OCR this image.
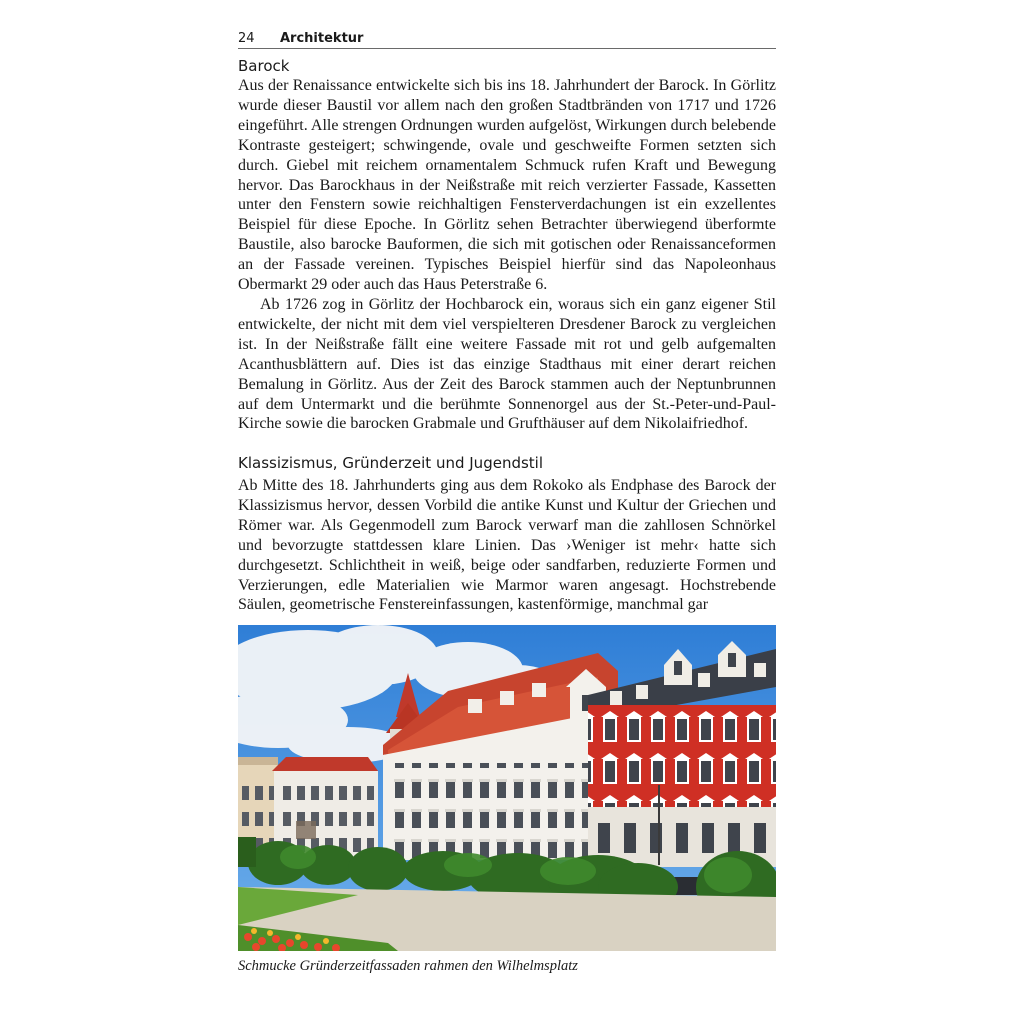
24 Architektur
Barock

Aus der Renaissance entwickelte sich bis ins 18. Jahrhundert der Barock. In Görlitz wurde dieser Baustil vor allem nach den großen Stadtbränden von 1717 und 1726 eingeführt. Alle strengen Ordnungen wurden aufgelöst, Wirkungen durch belebende Kontraste gesteigert; schwingende, ovale und geschweifte Formen setzten sich durch. Giebel mit reichem ornamentalem Schmuck rufen Kraft und Bewegung hervor. Das Barockhaus in der Neißstraße mit reich verzierter Fassade, Kassetten unter den Fenstern sowie reichhaltigen Fensterverdachungen ist ein exzellentes Beispiel für diese Epoche. In Görlitz sehen Betrachter überwiegend überformte Baustile, also barocke Bauformen, die sich mit gotischen oder Renaissanceformen an der Fassade vereinen. Typisches Beispiel hierfür sind das Napoleonhaus Obermarkt 29 oder auch das Haus Peterstraße 6.

Ab 1726 zog in Görlitz der Hochbarock ein, woraus sich ein ganz eigener Stil entwickelte, der nicht mit dem viel verspielteren Dresdener Barock zu vergleichen ist. In der Neißstraße fällt eine weitere Fassade mit rot und gelb aufgemalten Acanthusblättern auf. Dies ist das einzige Stadthaus mit einer derart reichen Bemalung in Görlitz. Aus der Zeit des Barock stammen auch der Neptunbrunnen auf dem Untermarkt und die berühmte Sonnenorgel aus der St.-Peter-und-Paul-Kirche sowie die barocken Grabmale und Grufthäuser auf dem Nikolaifriedhof.

Klassizismus, Gründerzeit und Jugendstil

Ab Mitte des 18. Jahrhunderts ging aus dem Rokoko als Endphase des Barock der Klassizismus hervor, dessen Vorbild die antike Kunst und Kultur der Griechen und Römer war. Als Gegenmodell zum Barock verwarf man die zahllosen Schnörkel und bevorzugte stattdessen klare Linien. Das ›Weniger ist mehr‹ hatte sich durchgesetzt. Schlichtheit in weiß, beige oder sandfarben, reduzierte Formen und Verzierungen, edle Materialien wie Marmor waren angesagt. Hochstrebende Säulen, geometrische Fenstereinfassungen, kastenförmige, manchmal gar

Schmucke Gründerzeitfassaden rahmen den Wilhelmsplatz
